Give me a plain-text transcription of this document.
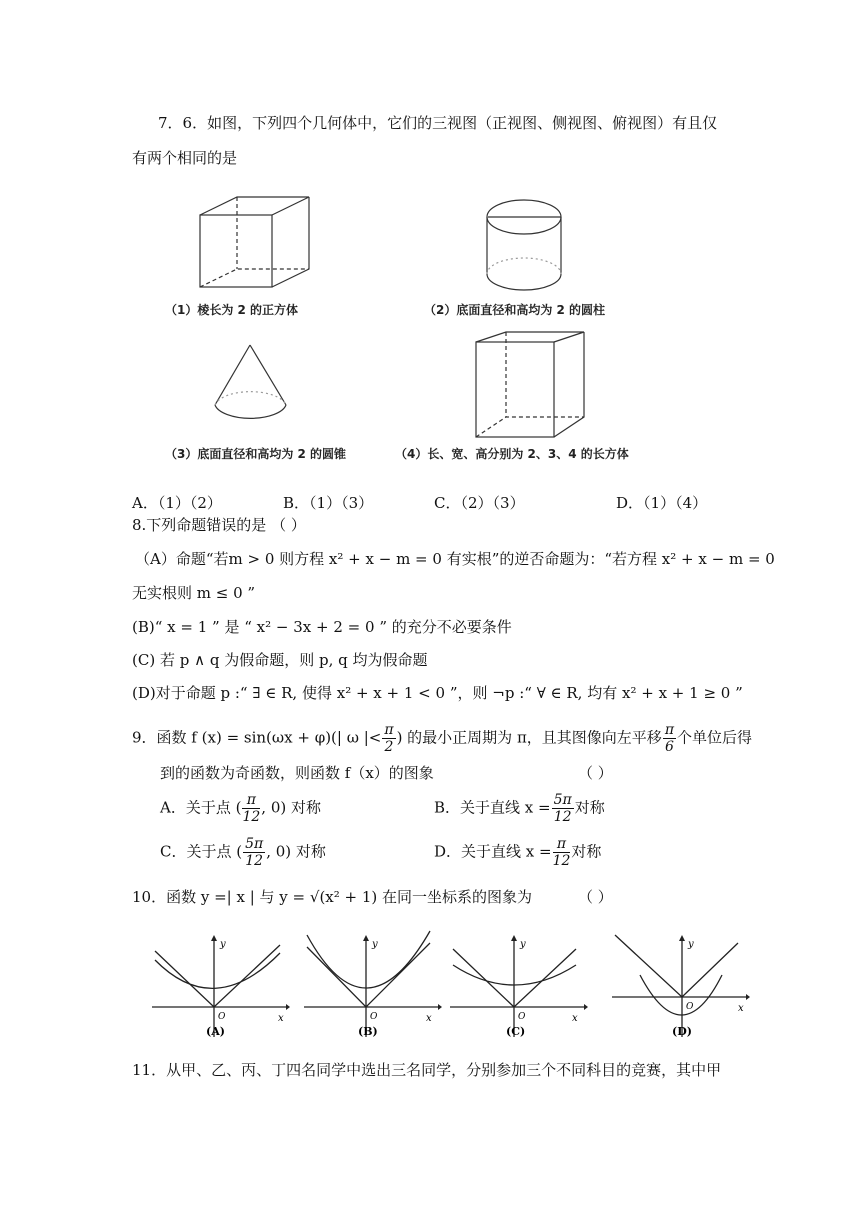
7．6．如图，下列四个几何体中，它们的三视图（正视图、侧视图、俯视图）有且仅
有两个相同的是
（1）棱长为 2 的正方体	（2）底面直径和高均为 2 的圆柱
（3）底面直径和高均为 2 的圆锥	（4）长、宽、高分别为 2、3、4 的长方体
A．（1）（2）	B．（1）（3）	C．（2）（3）	D．（1）（4）
8.下列命题错误的是 （ ）
（A）命题“若m > 0 则方程 x² + x − m = 0 有实根”的逆否命题为：“若方程 x² + x − m = 0
无实根则 m ≤ 0 ”
(B)“ x = 1 ” 是 “ x² − 3x + 2 = 0 ” 的充分不必要条件
(C) 若 p ∧ q 为假命题，则 p, q 均为假命题
(D)对于命题 p :“ ∃ ∈ R, 使得 x² + x + 1 < 0 ”，则 ¬p :“ ∀ ∈ R, 均有 x² + x + 1 ≥ 0 ”
9．函数 f (x) = sin(ωx + φ)(| ω |< $\frac{\pi}{2}$ ) 的最小正周期为 π，且其图像向左平移 $\frac{\pi}{6}$ 个单位后得
到的函数为奇函数，则函数 f（x）的图象	（ ）
A．关于点 ( $\frac{\pi}{12}$ , 0) 对称	B．关于直线 $x = \frac{5\pi}{12}$ 对称
C．关于点 ( $\frac{5\pi}{12}$ , 0) 对称	D．关于直线 $x = \frac{\pi}{12}$ 对称
10．函数 y =| x | 与 y = √(x² + 1) 在同一坐标系的图象为	（ ）
y
x
O
(A)
y
x
O
(B)
y
x
O
(C)
y
x
O
(D)
11．从甲、乙、丙、丁四名同学中选出三名同学，分别参加三个不同科目的竞赛，其中甲
